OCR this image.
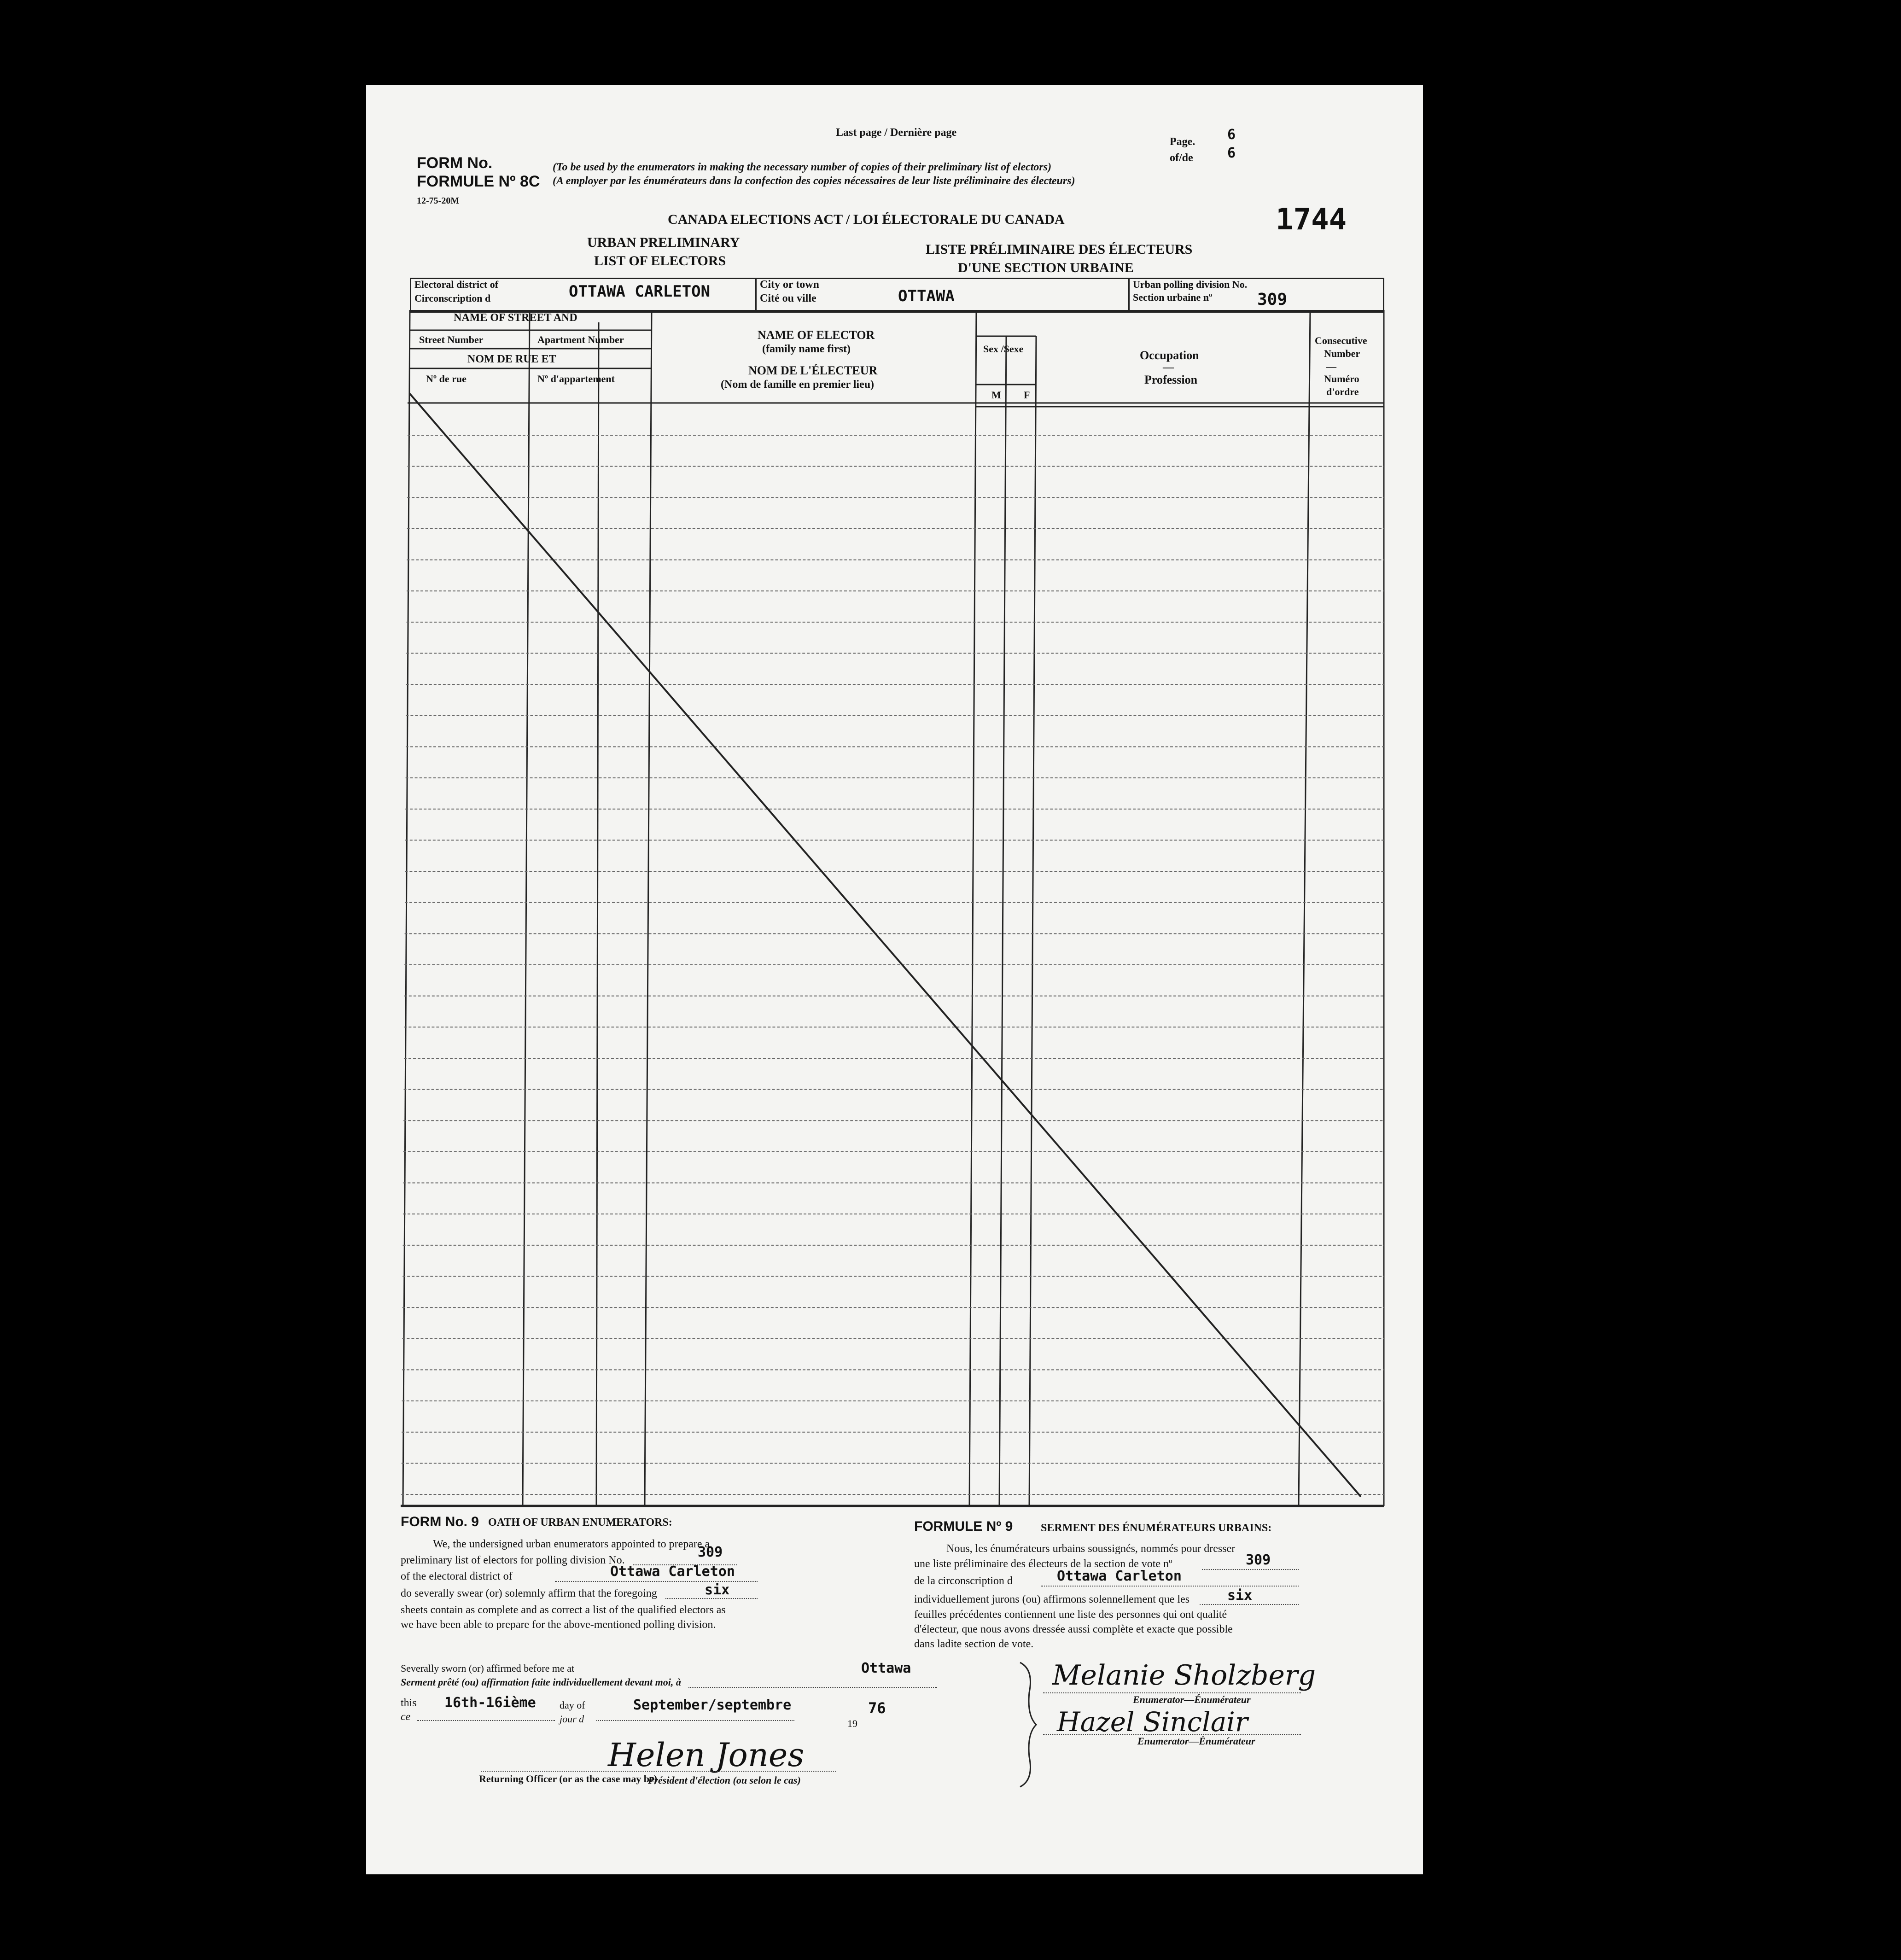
Last page / Dernière page
Page. 6
of/de 6
FORM No.
FORMULE Nº 8C
12-75-20M
(To be used by the enumerators in making the necessary number of copies of their preliminary list of electors)
(A employer par les énumérateurs dans la confection des copies nécessaires de leur liste préliminaire des électeurs)
CANADA ELECTIONS ACT / LOI ÉLECTORALE DU CANADA	1744
URBAN PRELIMINARY
LIST OF ELECTORS
LISTE PRÉLIMINAIRE DES ÉLECTEURS
D'UNE SECTION URBAINE
Electoral district of
Circonscription d	OTTAWA CARLETON	City or town
Cité ou ville	OTTAWA
Urban polling division No.
Section urbaine nº	309
NAME OF STREET AND
Street Number	Apartment Number
NOM DE RUE ET
Nº de rue	Nº d'appartement
NAME OF ELECTOR
(family name first)
NOM DE L'ÉLECTEUR
(Nom de famille en premier lieu)
Sex /Sexe
M F
Occupation
—
Profession
Consecutive
Number
—
Numéro
d'ordre
FORM No. 9 OATH OF URBAN ENUMERATORS:
We, the undersigned urban enumerators appointed to prepare a
preliminary list of electors for polling division No.	309
of the electoral district of	Ottawa Carleton
do severally swear (or) solemnly affirm that the foregoing	six
sheets contain as complete and as correct a list of the qualified electors as
we have been able to prepare for the above-mentioned polling division.
FORMULE Nº 9	SERMENT DES ÉNUMÉRATEURS URBAINS:
Nous, les énumérateurs urbains soussignés, nommés pour dresser
une liste préliminaire des électeurs de la section de vote nº	309
de la circonscription d	Ottawa Carleton
individuellement jurons (ou) affirmons solennellement que les	six
feuilles précédentes contiennent une liste des personnes qui ont qualité
d'électeur, que nous avons dressée aussi complète et exacte que possible
dans ladite section de vote.
Severally sworn (or) affirmed before me at
Serment prêté (ou) affirmation faite individuellement devant moi, à
Ottawa
this
ce
16th-16ième day of
jour d
September/septembre
19
76
Helen Jones
Returning Officer (or as the case may be)
Président d'élection (ou selon le cas)
Melanie Sholzberg
Enumerator—Énumérateur
Hazel Sinclair
Enumerator—Énumérateur
